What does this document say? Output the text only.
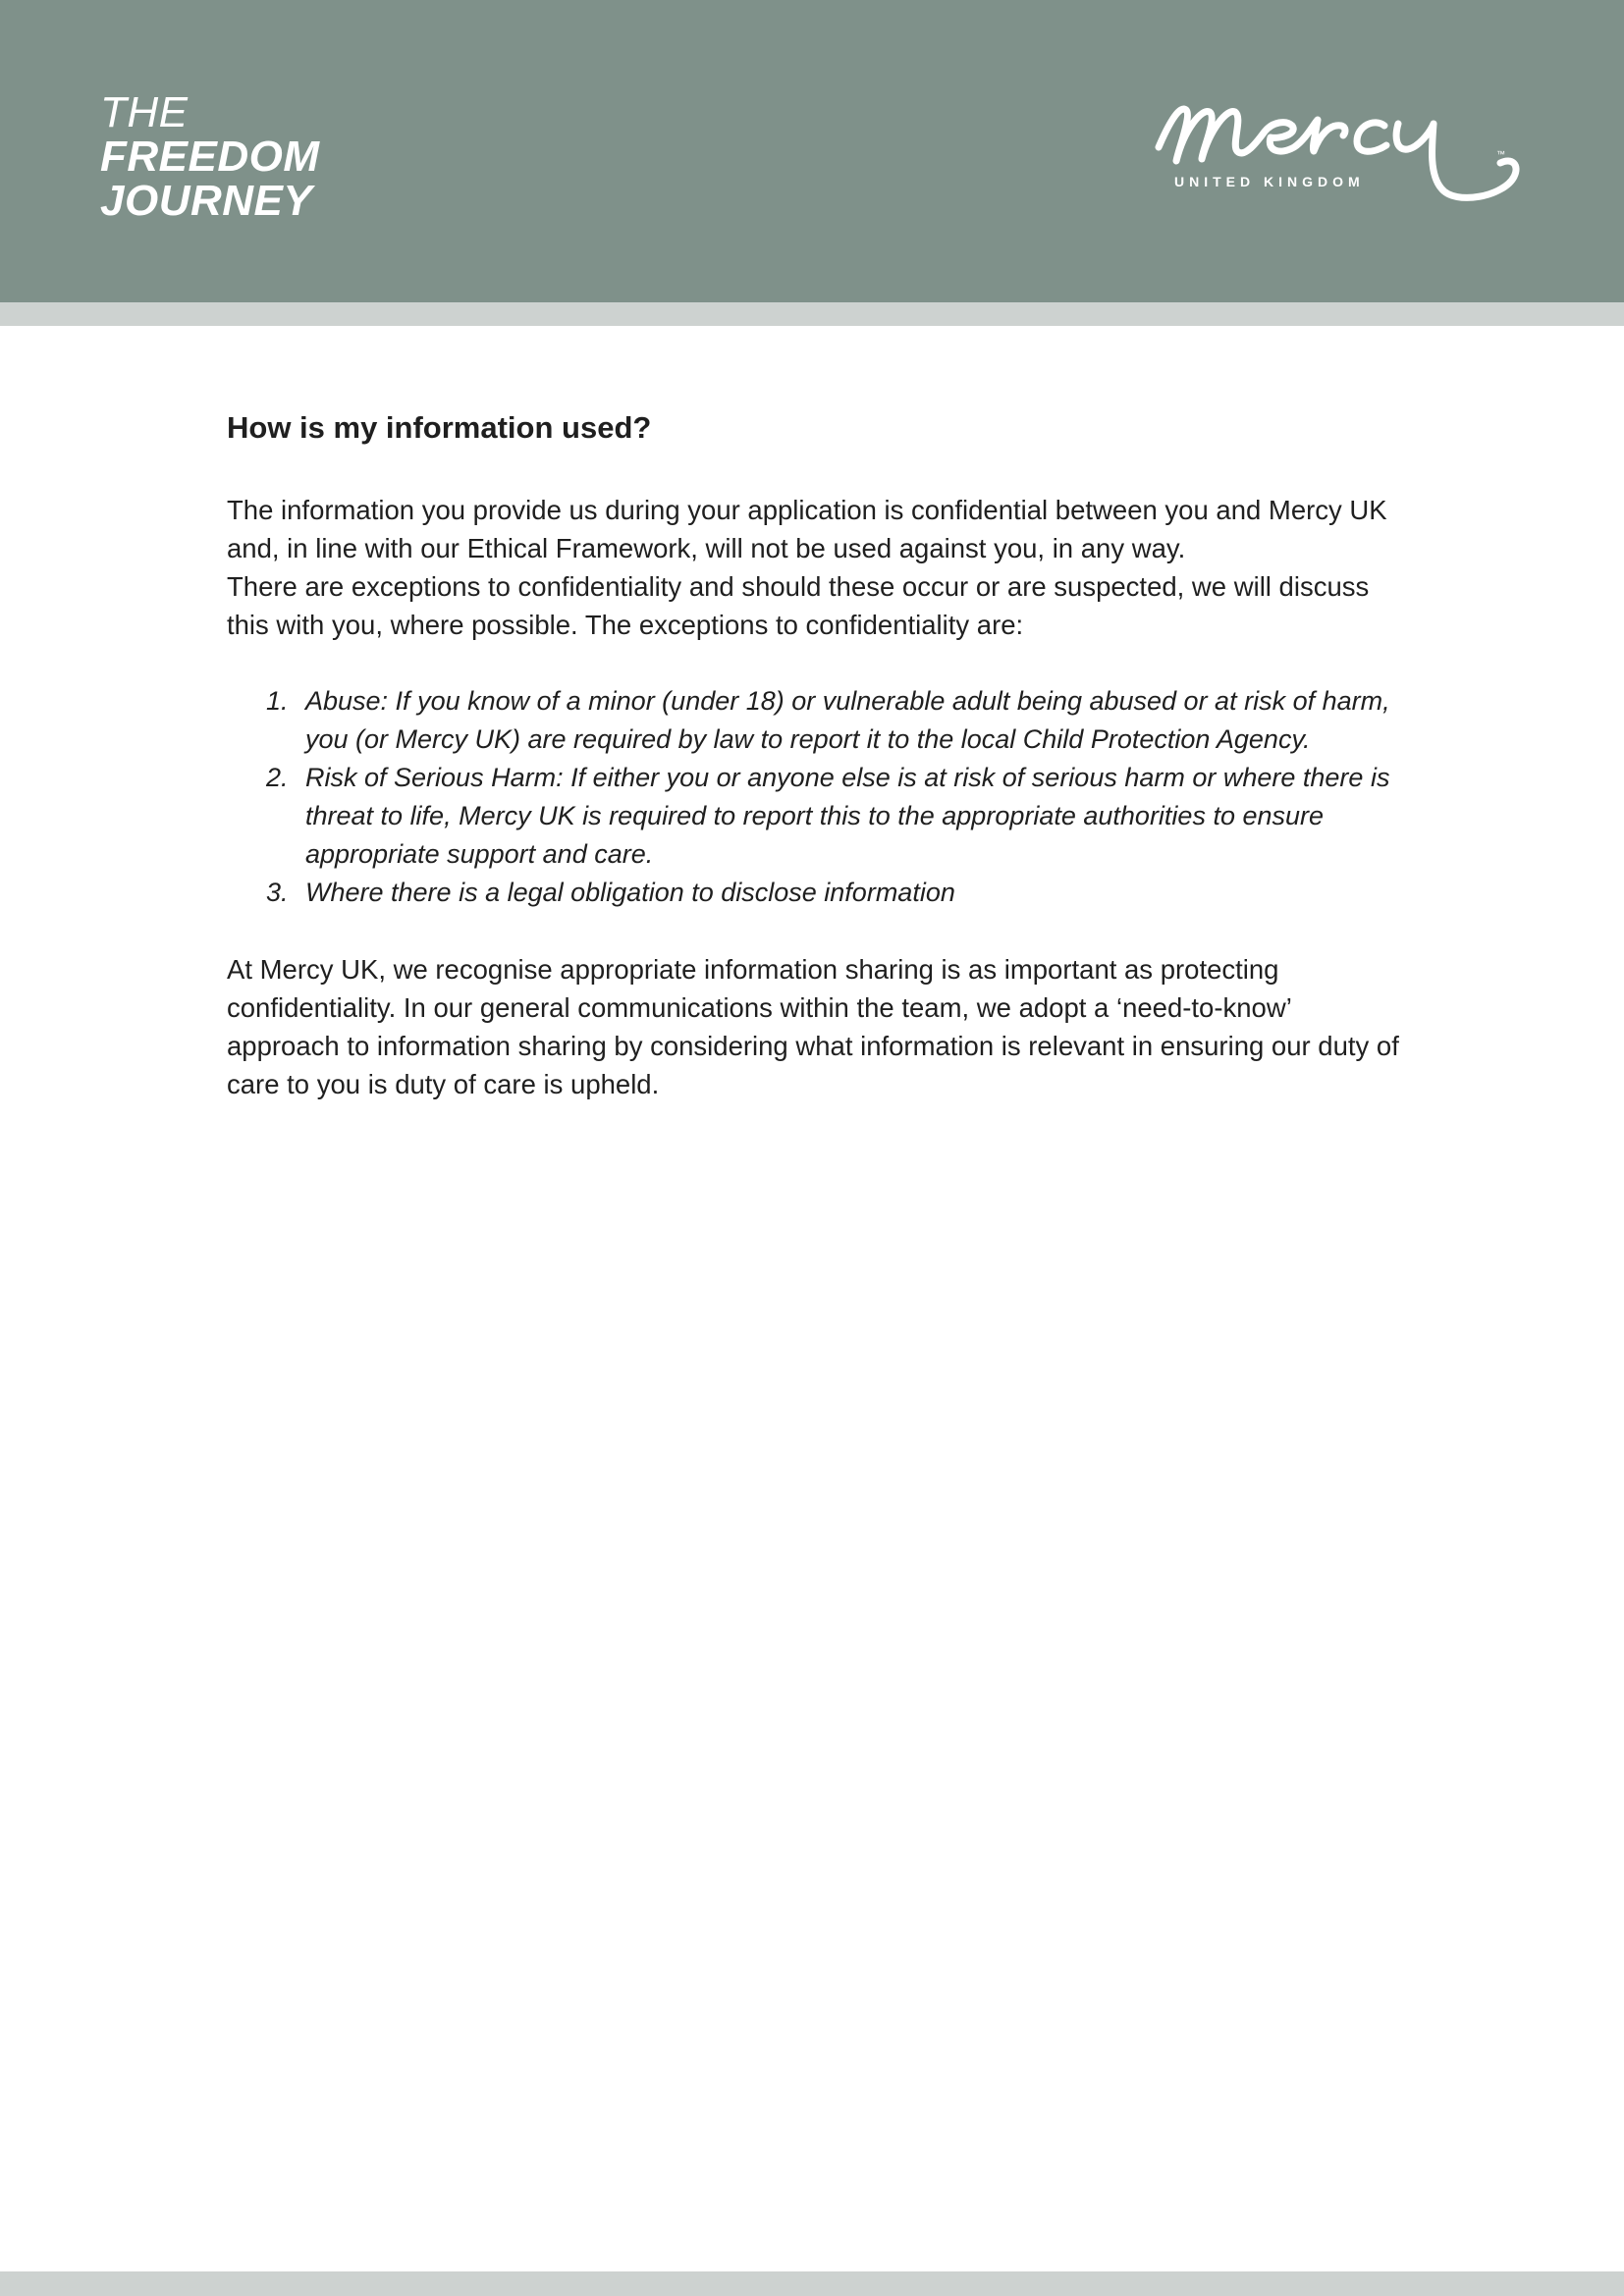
THE
FREEDOM
JOURNEY	UNITED KINGDOM
™
Mercy
How is my information used?

The information you provide us during your application is confidential between you and Mercy UK and, in line with our Ethical Framework, will not be used against you, in any way.

There are exceptions to confidentiality and should these occur or are suspected, we will discuss this with you, where possible. The exceptions to confidentiality are:

1. Abuse: If you know of a minor (under 18) or vulnerable adult being abused or at risk of harm, you (or Mercy UK) are required by law to report it to the local Child Protection Agency.
2. Risk of Serious Harm: If either you or anyone else is at risk of serious harm or where there is threat to life, Mercy UK is required to report this to the appropriate authorities to ensure appropriate support and care.
3. Where there is a legal obligation to disclose information

At Mercy UK, we recognise appropriate information sharing is as important as protecting confidentiality. In our general communications within the team, we adopt a ‘need-to-know’ approach to information sharing by considering what information is relevant in ensuring our duty of care to you is duty of care is upheld.
